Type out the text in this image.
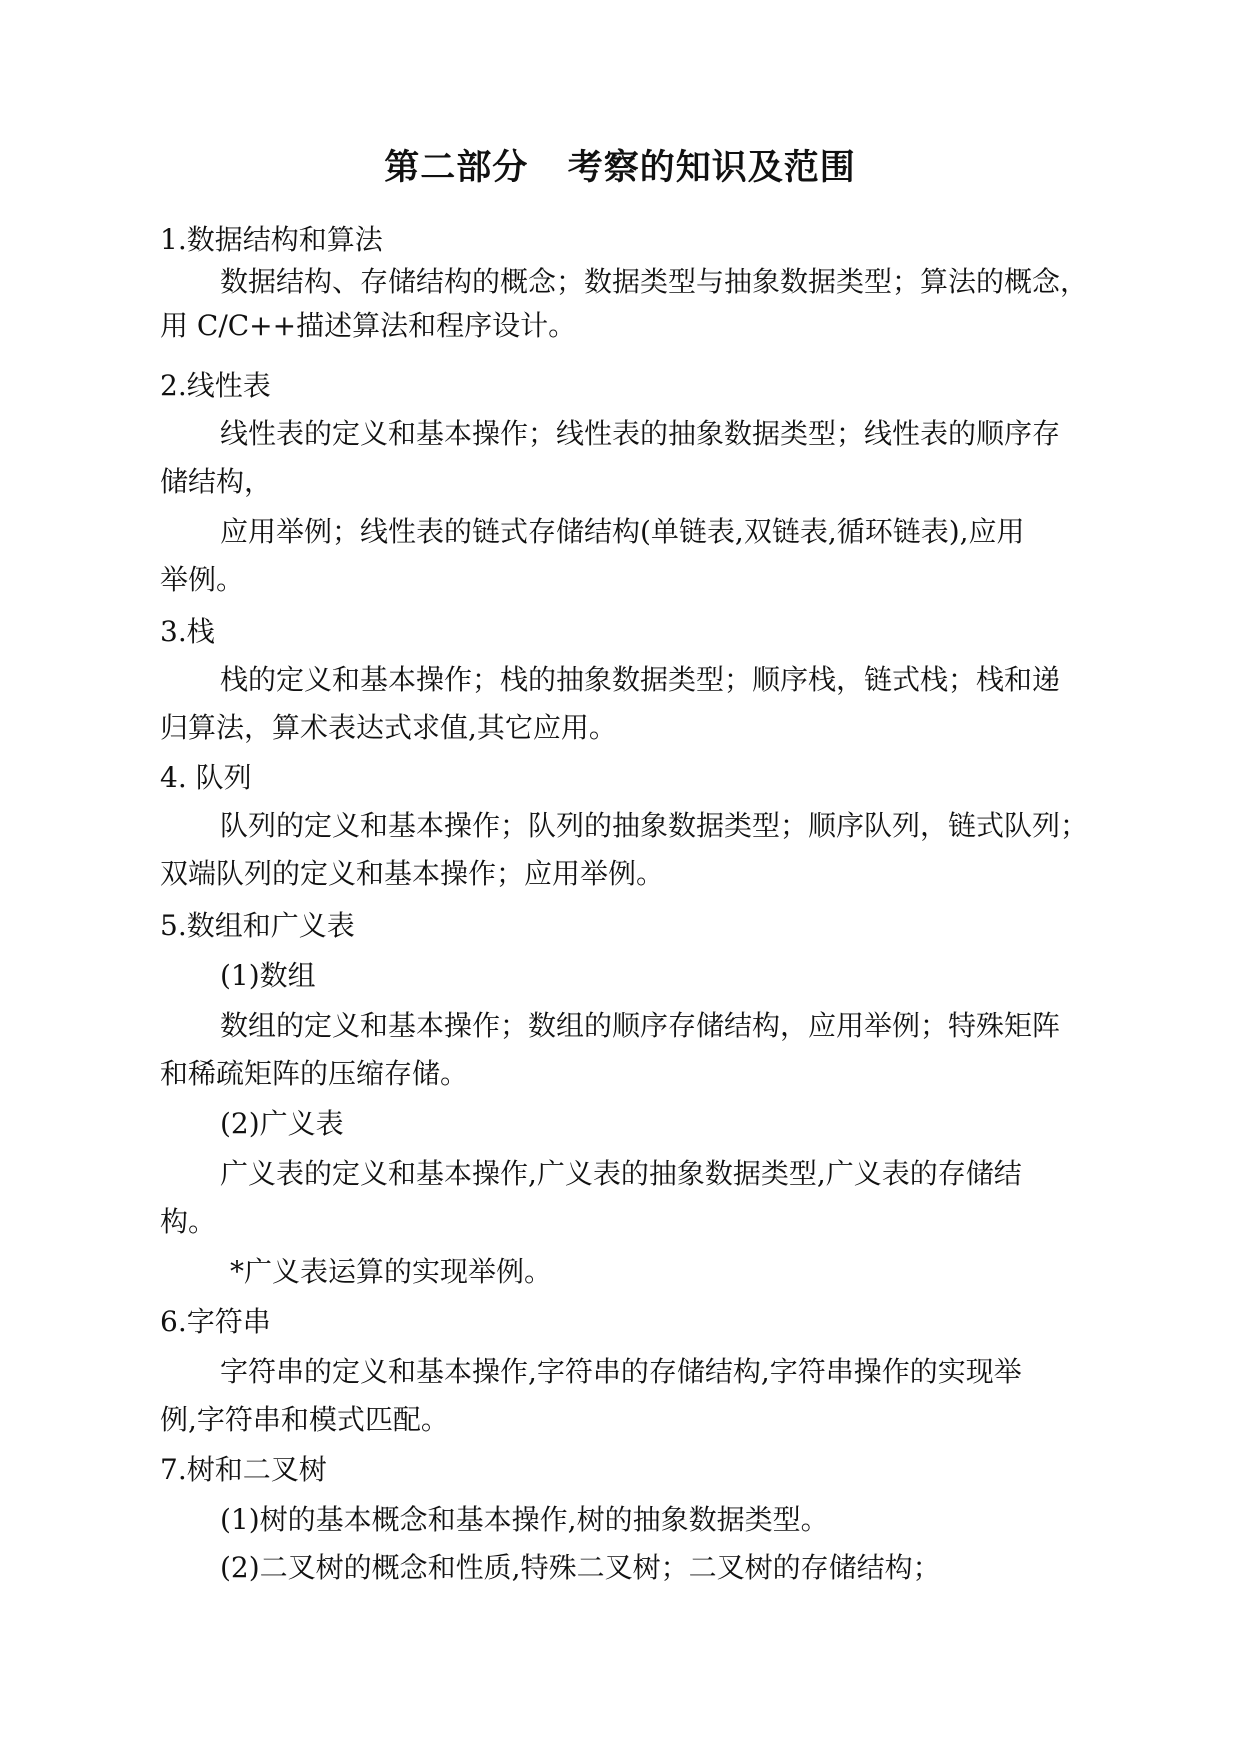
第二部分   考察的知识及范围
1.数据结构和算法
数据结构、存储结构的概念；数据类型与抽象数据类型；算法的概念，
用 C/C++描述算法和程序设计。
2.线性表
线性表的定义和基本操作；线性表的抽象数据类型；线性表的顺序存
储结构，
应用举例；线性表的链式存储结构(单链表,双链表,循环链表),应用
举例。
3.栈
栈的定义和基本操作；栈的抽象数据类型；顺序栈，链式栈；栈和递
归算法，算术表达式求值,其它应用。
4. 队列
队列的定义和基本操作；队列的抽象数据类型；顺序队列，链式队列；
双端队列的定义和基本操作；应用举例。
5.数组和广义表
(1)数组
数组的定义和基本操作；数组的顺序存储结构，应用举例；特殊矩阵
和稀疏矩阵的压缩存储。
(2)广义表
广义表的定义和基本操作,广义表的抽象数据类型,广义表的存储结
构。
*广义表运算的实现举例。
6.字符串
字符串的定义和基本操作,字符串的存储结构,字符串操作的实现举
例,字符串和模式匹配。
7.树和二叉树
(1)树的基本概念和基本操作,树的抽象数据类型。
(2)二叉树的概念和性质,特殊二叉树；二叉树的存储结构；
